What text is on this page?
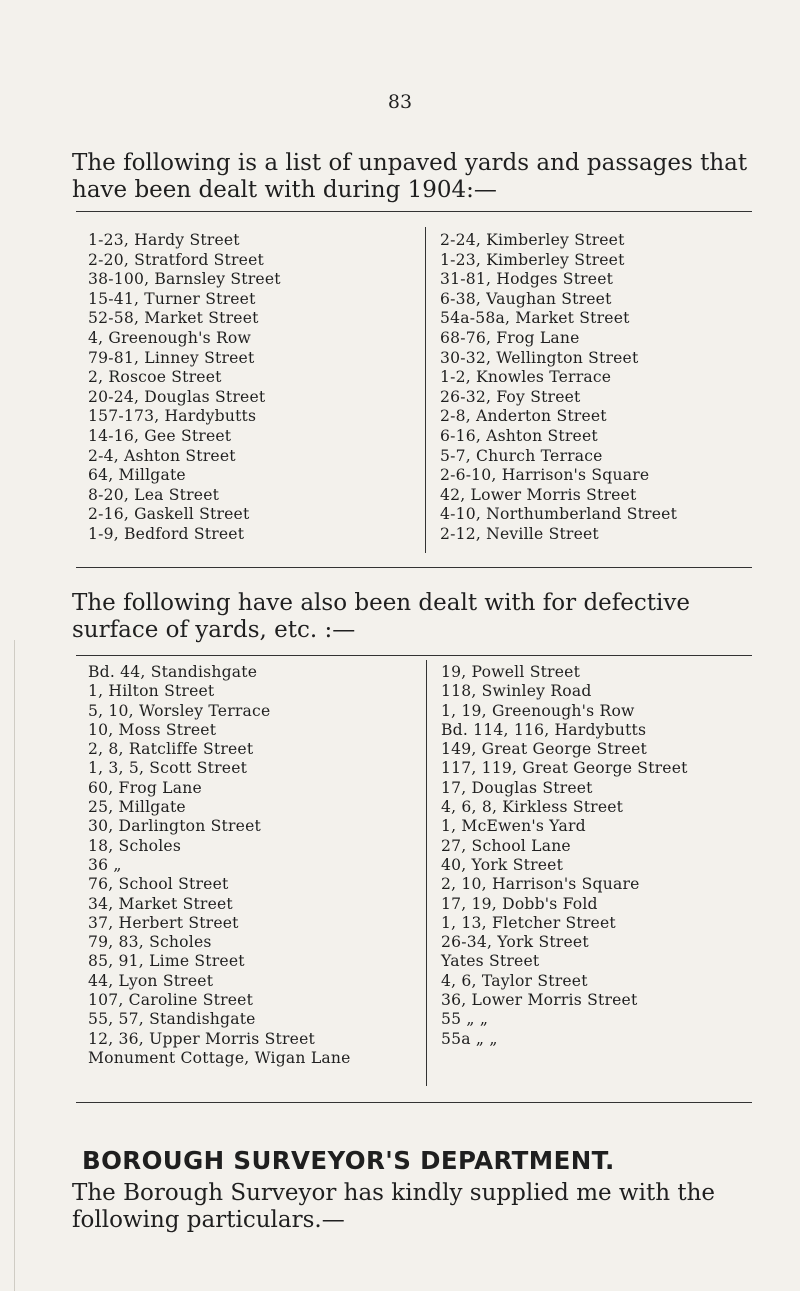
83

The following is a list of unpaved yards and passages that have been dealt with during 1904:—

1-23, Hardy Street
2-20, Stratford Street
38-100, Barnsley Street
15-41, Turner Street
52-58, Market Street
4, Greenough's Row
79-81, Linney Street
2, Roscoe Street
20-24, Douglas Street
157-173, Hardybutts
14-16, Gee Street
2-4, Ashton Street
64, Millgate
8-20, Lea Street
2-16, Gaskell Street
1-9, Bedford Street
2-24, Kimberley Street
1-23, Kimberley Street
31-81, Hodges Street
6-38, Vaughan Street
54a-58a, Market Street
68-76, Frog Lane
30-32, Wellington Street
1-2, Knowles Terrace
26-32, Foy Street
2-8, Anderton Street
6-16, Ashton Street
5-7, Church Terrace
2-6-10, Harrison's Square
42, Lower Morris Street
4-10, Northumberland Street
2-12, Neville Street

The following have also been dealt with for defective surface of yards, etc. :—

Bd. 44, Standishgate
1, Hilton Street
5, 10, Worsley Terrace
10, Moss Street
2, 8, Ratcliffe Street
1, 3, 5, Scott Street
60, Frog Lane
25, Millgate
30, Darlington Street
18, Scholes
36 „
76, School Street
34, Market Street
37, Herbert Street
79, 83, Scholes
85, 91, Lime Street
44, Lyon Street
107, Caroline Street
55, 57, Standishgate
12, 36, Upper Morris Street
Monument Cottage, Wigan Lane
19, Powell Street
118, Swinley Road
1, 19, Greenough's Row
Bd. 114, 116, Hardybutts
149, Great George Street
117, 119, Great George Street
17, Douglas Street
4, 6, 8, Kirkless Street
1, McEwen's Yard
27, School Lane
40, York Street
2, 10, Harrison's Square
17, 19, Dobb's Fold
1, 13, Fletcher Street
26-34, York Street
Yates Street
4, 6, Taylor Street
36, Lower Morris Street
55 „ „
55a „ „
BOROUGH SURVEYOR'S DEPARTMENT.

The Borough Surveyor has kindly supplied me with the following particulars.—
